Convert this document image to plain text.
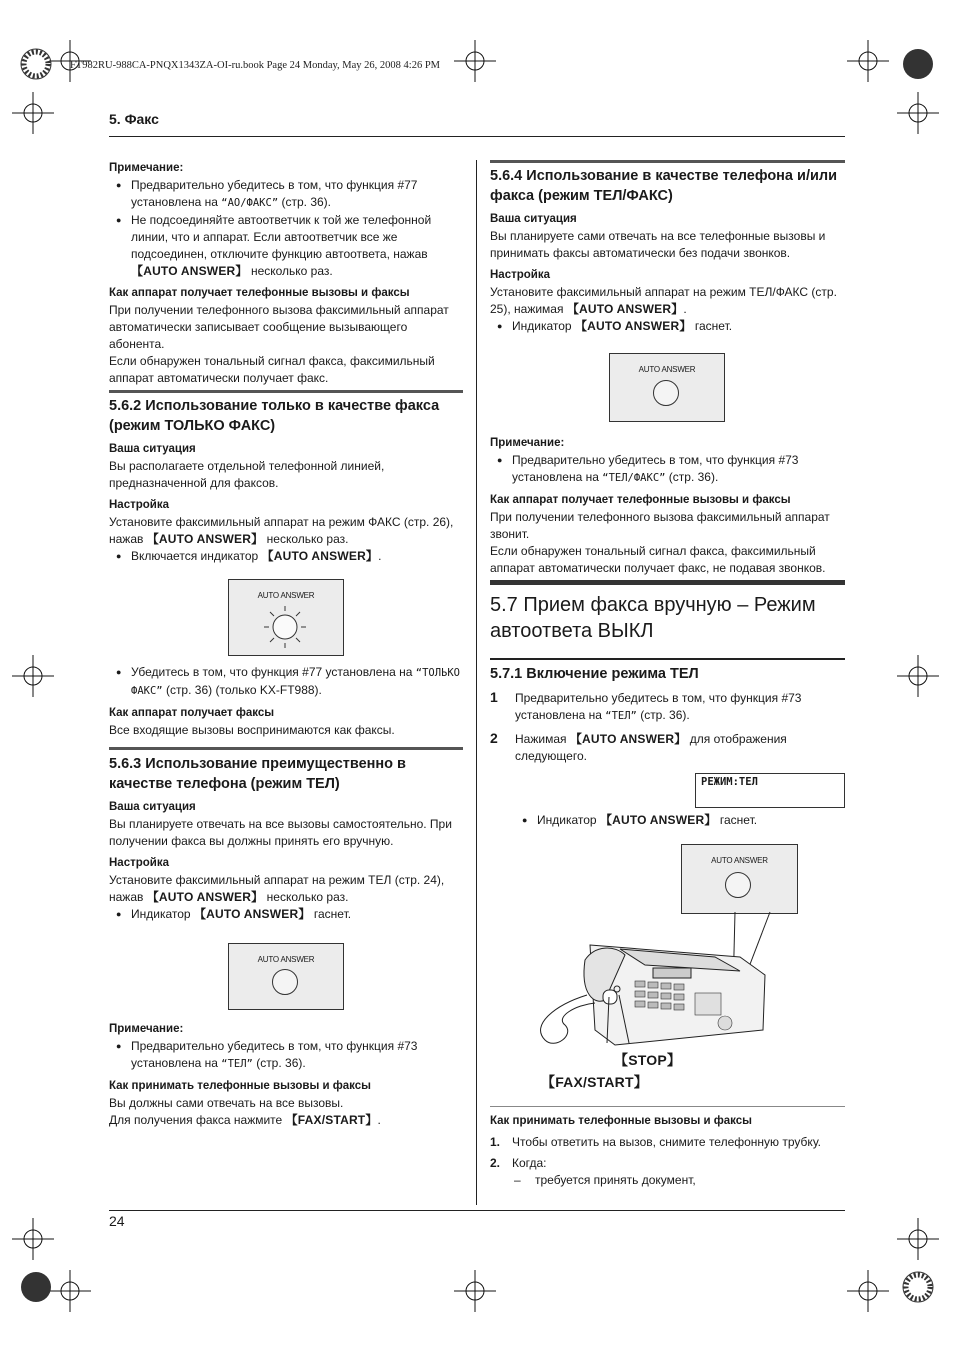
FT982RU-988CA-PNQX1343ZA-OI-ru.book Page 24 Monday, May 26, 2008 4:26 PM
5. Факс

Примечание:

● Предварительно убедитесь в том, что функция #77 установлена на “АО/ФАКС” (стр. 36).

● Не подсоединяйте автоответчик к той же телефонной линии, что и аппарат. Если автоответчик все же подсоединен, отключите функцию автоответа, нажав 【AUTO ANSWER】 несколько раз.

Как аппарат получает телефонные вызовы и факсы

При получении телефонного вызова факсимильный аппарат автоматически записывает сообщение вызывающего абонента.

Если обнаружен тональный сигнал факса, факсимильный аппарат автоматически получает факс.

5.6.2 Использование только в качестве факса (режим ТОЛЬКО ФАКС)

Ваша ситуация

Вы располагаете отдельной телефонной линией, предназначенной для факсов.

Настройка

Установите факсимильный аппарат на режим ФАКС (стр. 26), нажав 【AUTO ANSWER】 несколько раз.

● Включается индикатор 【AUTO ANSWER】.

AUTO ANSWER

● Убедитесь в том, что функция #77 установлена на “ТОЛЬКО ФАКС” (стр. 36) (только KX-FT988).

Как аппарат получает факсы

Все входящие вызовы воспринимаются как факсы.

5.6.3 Использование преимущественно в качестве телефона (режим ТЕЛ)

Ваша ситуация

Вы планируете отвечать на все вызовы самостоятельно. При получении факса вы должны принять его вручную.

Настройка

Установите факсимильный аппарат на режим ТЕЛ (стр. 24), нажав 【AUTO ANSWER】 несколько раз.

● Индикатор 【AUTO ANSWER】 гаснет.

AUTO ANSWER

Примечание:

● Предварительно убедитесь в том, что функция #73 установлена на “ТЕЛ” (стр. 36).

Как принимать телефонные вызовы и факсы

Вы должны сами отвечать на все вызовы.

Для получения факса нажмите 【FAX/START】.

5.6.4 Использование в качестве телефона и/или факса (режим ТЕЛ/ФАКС)

Ваша ситуация

Вы планируете сами отвечать на все телефонные вызовы и принимать факсы автоматически без подачи звонков.

Настройка

Установите факсимильный аппарат на режим ТЕЛ/ФАКС (стр. 25), нажимая 【AUTO ANSWER】.

● Индикатор 【AUTO ANSWER】 гаснет.

AUTO ANSWER

Примечание:

● Предварительно убедитесь в том, что функция #73 установлена на “ТЕЛ/ФАКС” (стр. 36).

Как аппарат получает телефонные вызовы и факсы

При получении телефонного вызова факсимильный аппарат звонит.

Если обнаружен тональный сигнал факса, факсимильный аппарат автоматически получает факс, не подавая звонков.

5.7 Прием факса вручную – Режим автоответа ВЫКЛ

5.7.1 Включение режима ТЕЛ

1 Предварительно убедитесь в том, что функция #73 установлена на “ТЕЛ” (стр. 36).

2 Нажимая 【AUTO ANSWER】 для отображения следующего.

РЕЖИМ:ТЕЛ

● Индикатор 【AUTO ANSWER】 гаснет.

AUTO ANSWER
【STOP】
【FAX/START】

Как принимать телефонные вызовы и факсы

1. Чтобы ответить на вызов, снимите телефонную трубку.

2. Когда:

– требуется принять документ,

24
